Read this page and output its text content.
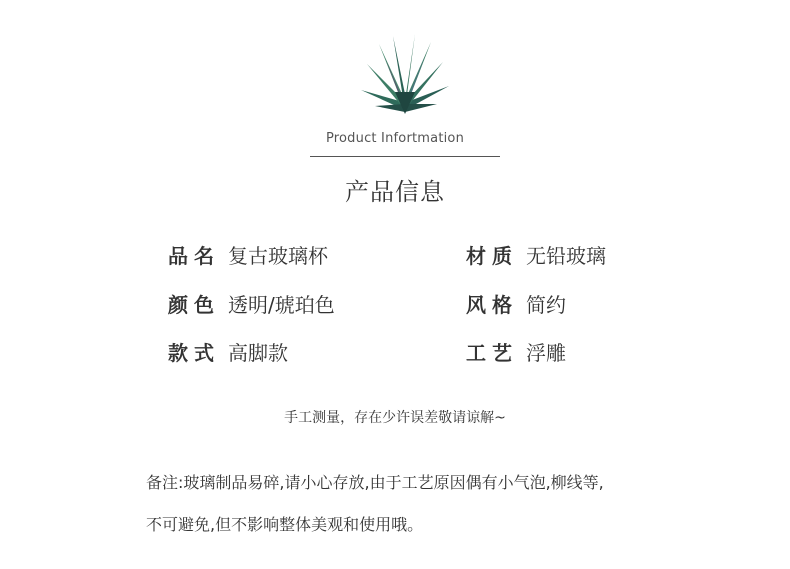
Product Infortmation
产品信息
品名 复古玻璃杯	材质 无铅玻璃
颜色 透明/琥珀色	风格 简约
款式 高脚款	工艺 浮雕
手工测量，存在少许误差敬请谅解~
备注:玻璃制品易碎,请小心存放,由于工艺原因偶有小气泡,柳线等,
不可避免,但不影响整体美观和使用哦。
